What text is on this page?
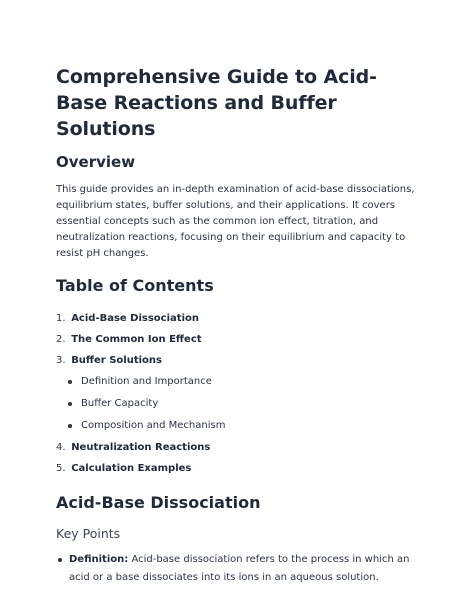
Comprehensive Guide to Acid-Base Reactions and Buffer Solutions
Overview

This guide provides an in-depth examination of acid-base dissociations, equilibrium states, buffer solutions, and their applications. It covers essential concepts such as the common ion effect, titration, and neutralization reactions, focusing on their equilibrium and capacity to resist pH changes.

Table of Contents
1. Acid-Base Dissociation
2. The Common Ion Effect
3. Buffer Solutions
Definition and Importance
Buffer Capacity
Composition and Mechanism
4. Neutralization Reactions
5. Calculation Examples
Acid-Base Dissociation
Key Points
Definition: Acid-base dissociation refers to the process in which an acid or a base dissociates into its ions in an aqueous solution.
